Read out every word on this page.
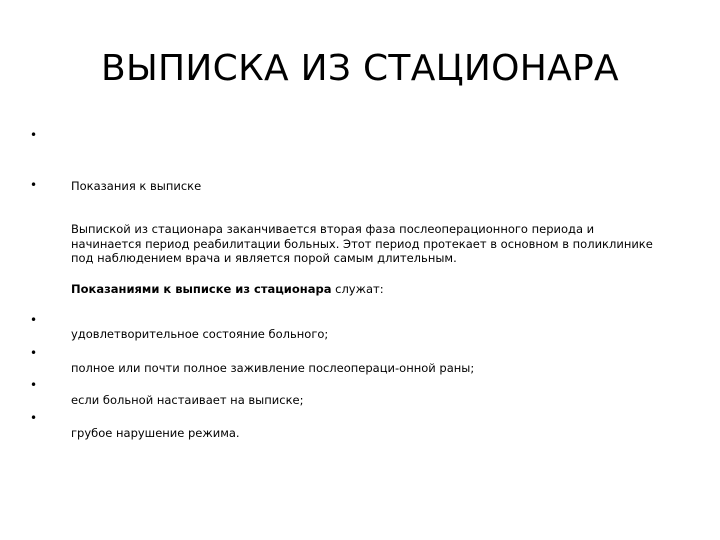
ВЫПИСКА ИЗ СТАЦИОНАРА
•
•	Показания к выписке
Выпиской из стационара заканчивается вторая фаза послеоперационного периода и
начинается период реабилитации больных. Этот период протекает в основном в поликлинике
под наблюдением врача и является порой самым длительным.
Показаниями к выписке из стационара служат:
•
удовлетворительное состояние больного;
•
полное или почти полное заживление послеопераци-онной раны;
•
если больной настаивает на выписке;
•
грубое нарушение режима.
